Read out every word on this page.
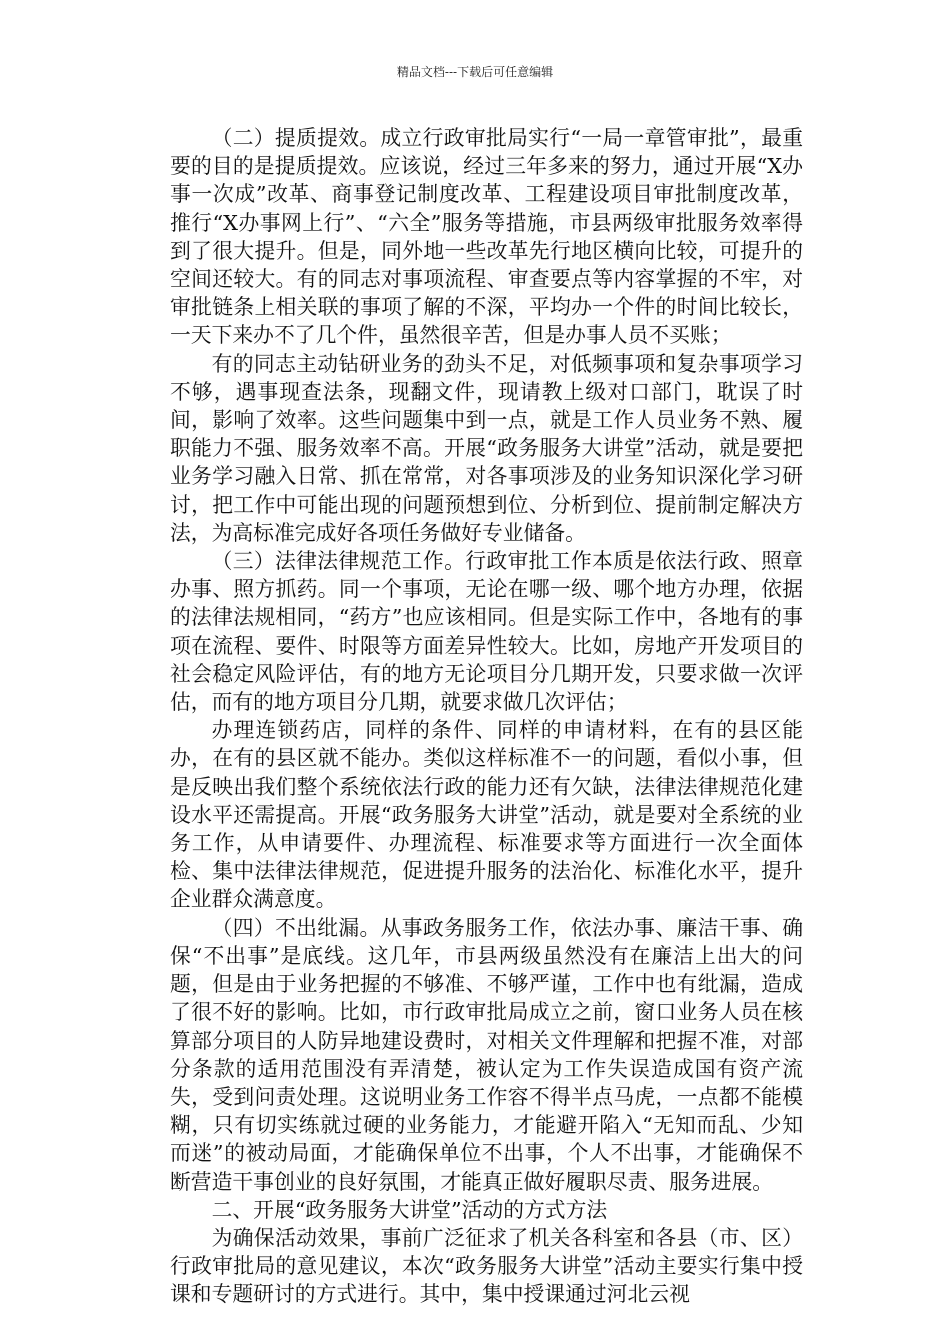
精品文档---下载后可任意编辑

（二）提质提效。成立行政审批局实行“一局一章管审批”，最重要的目的是提质提效。应该说，经过三年多来的努力，通过开展“X办事一次成”改革、商事登记制度改革、工程建设项目审批制度改革，推行“X办事网上行”、“六全”服务等措施，市县两级审批服务效率得到了很大提升。但是，同外地一些改革先行地区横向比较，可提升的空间还较大。有的同志对事项流程、审查要点等内容掌握的不牢，对审批链条上相关联的事项了解的不深，平均办一个件的时间比较长，一天下来办不了几个件，虽然很辛苦，但是办事人员不买账；

有的同志主动钻研业务的劲头不足，对低频事项和复杂事项学习不够，遇事现查法条，现翻文件，现请教上级对口部门，耽误了时间，影响了效率。这些问题集中到一点，就是工作人员业务不熟、履职能力不强、服务效率不高。开展“政务服务大讲堂”活动，就是要把业务学习融入日常、抓在常常，对各事项涉及的业务知识深化学习研讨，把工作中可能出现的问题预想到位、分析到位、提前制定解决方法，为高标准完成好各项任务做好专业储备。

（三）法律法律规范工作。行政审批工作本质是依法行政、照章办事、照方抓药。同一个事项，无论在哪一级、哪个地方办理，依据的法律法规相同，“药方”也应该相同。但是实际工作中，各地有的事项在流程、要件、时限等方面差异性较大。比如，房地产开发项目的社会稳定风险评估，有的地方无论项目分几期开发，只要求做一次评估，而有的地方项目分几期，就要求做几次评估；

办理连锁药店，同样的条件、同样的申请材料，在有的县区能办，在有的县区就不能办。类似这样标准不一的问题，看似小事，但是反映出我们整个系统依法行政的能力还有欠缺，法律法律规范化建设水平还需提高。开展“政务服务大讲堂”活动，就是要对全系统的业务工作，从申请要件、办理流程、标准要求等方面进行一次全面体检、集中法律法律规范，促进提升服务的法治化、标准化水平，提升企业群众满意度。

（四）不出纰漏。从事政务服务工作，依法办事、廉洁干事、确保“不出事”是底线。这几年，市县两级虽然没有在廉洁上出大的问题，但是由于业务把握的不够准、不够严谨，工作中也有纰漏，造成了很不好的影响。比如，市行政审批局成立之前，窗口业务人员在核算部分项目的人防异地建设费时，对相关文件理解和把握不准，对部分条款的适用范围没有弄清楚，被认定为工作失误造成国有资产流失，受到问责处理。这说明业务工作容不得半点马虎，一点都不能模糊，只有切实练就过硬的业务能力，才能避开陷入“无知而乱、少知而迷”的被动局面，才能确保单位不出事，个人不出事，才能确保不断营造干事创业的良好氛围，才能真正做好履职尽责、服务进展。

二、开展“政务服务大讲堂”活动的方式方法

为确保活动效果，事前广泛征求了机关各科室和各县（市、区）行政审批局的意见建议，本次“政务服务大讲堂”活动主要实行集中授课和专题研讨的方式进行。其中，集中授课通过河北云视
